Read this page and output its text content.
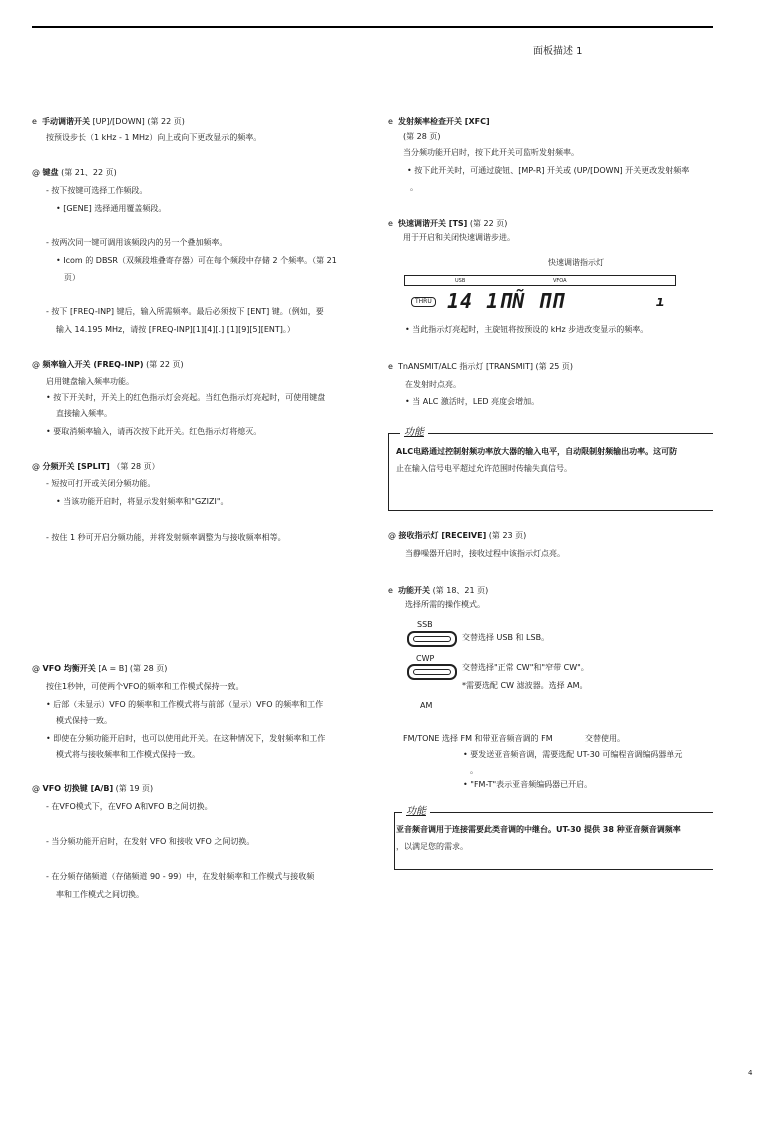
面板描述 1
e 手动调谐开关 [UP]/[DOWN] (第 22 页)
按预设步长（1 kHz - 1 MHz）向上或向下更改显示的频率。
@ 键盘 (第 21、22 页)
- 按下按键可选择工作频段。
• [GENE] 选择通用覆盖频段。
- 按两次同一键可调用该频段内的另一个叠加频率。
• Icom 的 DBSR（双频段堆叠寄存器）可在每个频段中存储 2 个频率。（第 21
页）
- 按下 [FREQ-INP] 键后，输入所需频率。最后必须按下 [ENT] 键。（例如，要
输入 14.195 MHz，请按 [FREQ-INP][1][4][.] [1][9][5][ENT]。）
@ 频率输入开关 (FREQ-INP) (第 22 页)
启用键盘输入频率功能。
• 按下开关时，开关上的红色指示灯会亮起。当红色指示灯亮起时，可使用键盘
直接输入频率。
• 要取消频率输入，请再次按下此开关。红色指示灯将熄灭。
@ 分频开关 [SPLIT] （第 28 页）
- 短按可打开或关闭分频功能。
• 当该功能开启时，将显示发射频率和"GZIZI"。
- 按住 1 秒可开启分频功能，并将发射频率调整为与接收频率相等。
@ VFO 均衡开关 [A = B] (第 28 页)
按住1秒钟，可使两个VFO的频率和工作模式保持一致。
• 后部（未显示）VFO 的频率和工作模式将与前部（显示）VFO 的频率和工作
模式保持一致。
• 即使在分频功能开启时，也可以使用此开关。在这种情况下，发射频率和工作
模式将与接收频率和工作模式保持一致。
@ VFO 切换键 [A/B] (第 19 页)
- 在VFO模式下，在VFO A和VFO B之间切换。
- 当分频功能开启时，在发射 VFO 和接收 VFO 之间切换。
- 在分频存储频道（存储频道 90 - 99）中，在发射频率和工作模式与接收频
率和工作模式之间切换。
e 发射频率检查开关 [XFC]
(第 28 页)
当分频功能开启时，按下此开关可监听发射频率。
• 按下此开关时，可通过旋钮、[MP-R] 开关或 (UP/[DOWN] 开关更改发射频率
。
e 快速调谐开关 [TS] (第 22 页)
用于开启和关闭快速调谐步进。
快速调谐指示灯
USB	VFOA
THRU 14 1ΠÑ ΠΠ	ı
• 当此指示灯亮起时，主旋钮将按预设的 kHz 步进改变显示的频率。
e TnANSMIT/ALC 指示灯 [TRANSMIT] (第 25 页)
在发射时点亮。
• 当 ALC 激活时，LED 亮度会增加。
功能
ALC电路通过控制射频功率放大器的输入电平，自动限制射频输出功率。这可防
止在输入信号电平超过允许范围时传输失真信号。
@ 接收指示灯 [RECEIVE] (第 23 页)
当静噪器开启时，接收过程中该指示灯点亮。
e 功能开关 (第 18、21 页)
选择所需的操作模式。
SSB
交替选择 USB 和 LSB。
CWP
交替选择"正常 CW"和"窄带 CW"。
*需要选配 CW 滤波器。选择 AM。
AM
FM/TONE 选择 FM 和带亚音频音调的 FM	交替使用。
• 要发送亚音频音调，需要选配 UT-30 可编程音调编码器单元
。
• "FM-T"表示亚音频编码器已开启。
功能
亚音频音调用于连接需要此类音调的中继台。UT-30 提供 38 种亚音频音调频率
，以满足您的需求。
4
